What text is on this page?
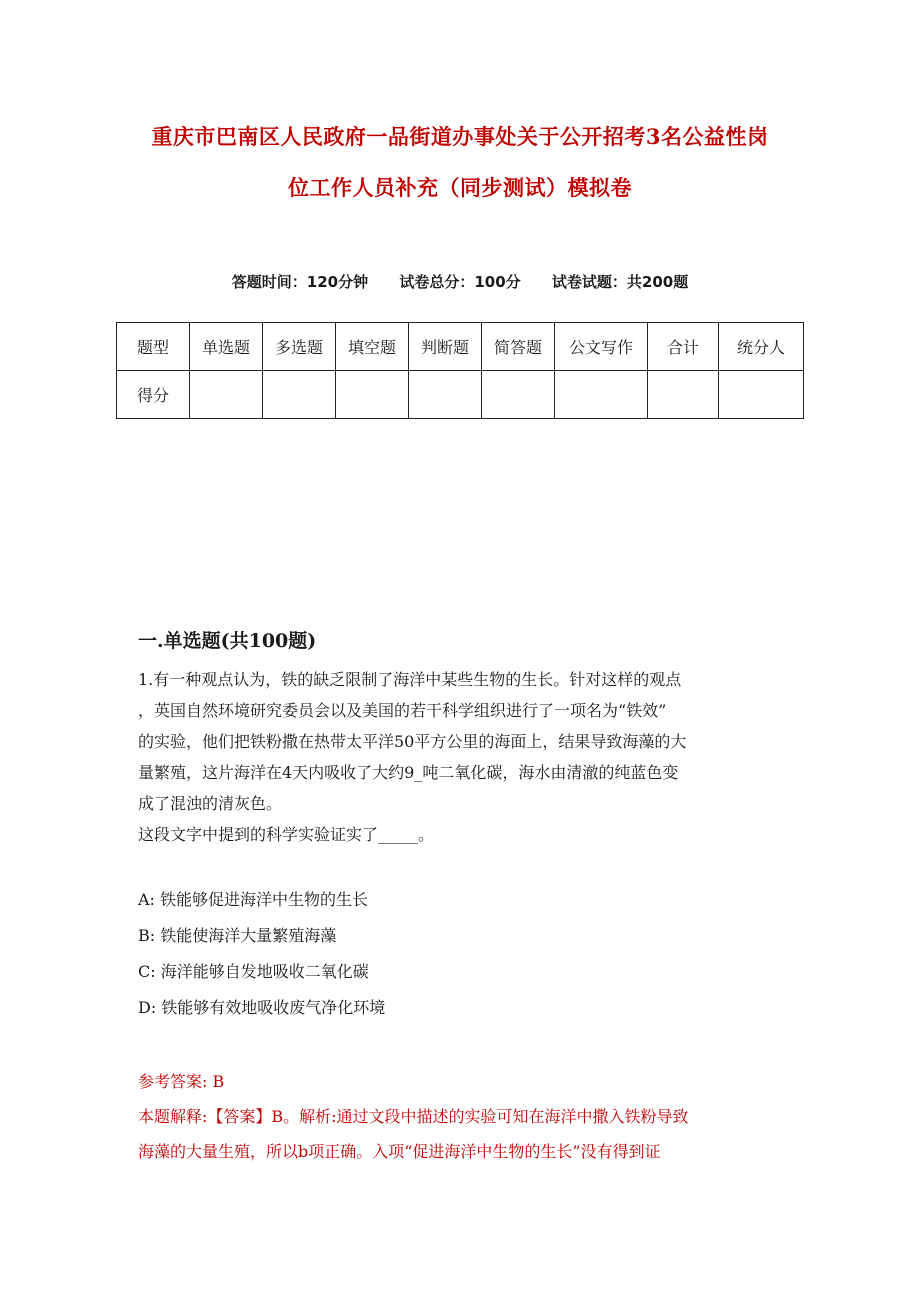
重庆市巴南区人民政府一品街道办事处关于公开招考3名公益性岗
位工作人员补充（同步测试）模拟卷
答题时间：120分钟 试卷总分：100分 试卷试题：共200题
题型	单选题	多选题	填空题	判断题	简答题	公文写作	合计	统分人
得分								
一.单选题(共100题)

1.有一种观点认为，铁的缺乏限制了海洋中某些生物的生长。针对这样的观点

，英国自然环境研究委员会以及美国的若干科学组织进行了一项名为“铁效”

的实验，他们把铁粉撒在热带太平洋50平方公里的海面上，结果导致海藻的大

量繁殖，这片海洋在4天内吸收了大约9_吨二氧化碳，海水由清澈的纯蓝色变

成了混浊的清灰色。

这段文字中提到的科学实验证实了_____。

A: 铁能够促进海洋中生物的生长

B: 铁能使海洋大量繁殖海藻

C: 海洋能够自发地吸收二氧化碳

D: 铁能够有效地吸收废气净化环境

参考答案: B

本题解释:【答案】B。解析:通过文段中描述的实验可知在海洋中撒入铁粉导致

海藻的大量生殖，所以b项正确。入项“促进海洋中生物的生长”没有得到证
